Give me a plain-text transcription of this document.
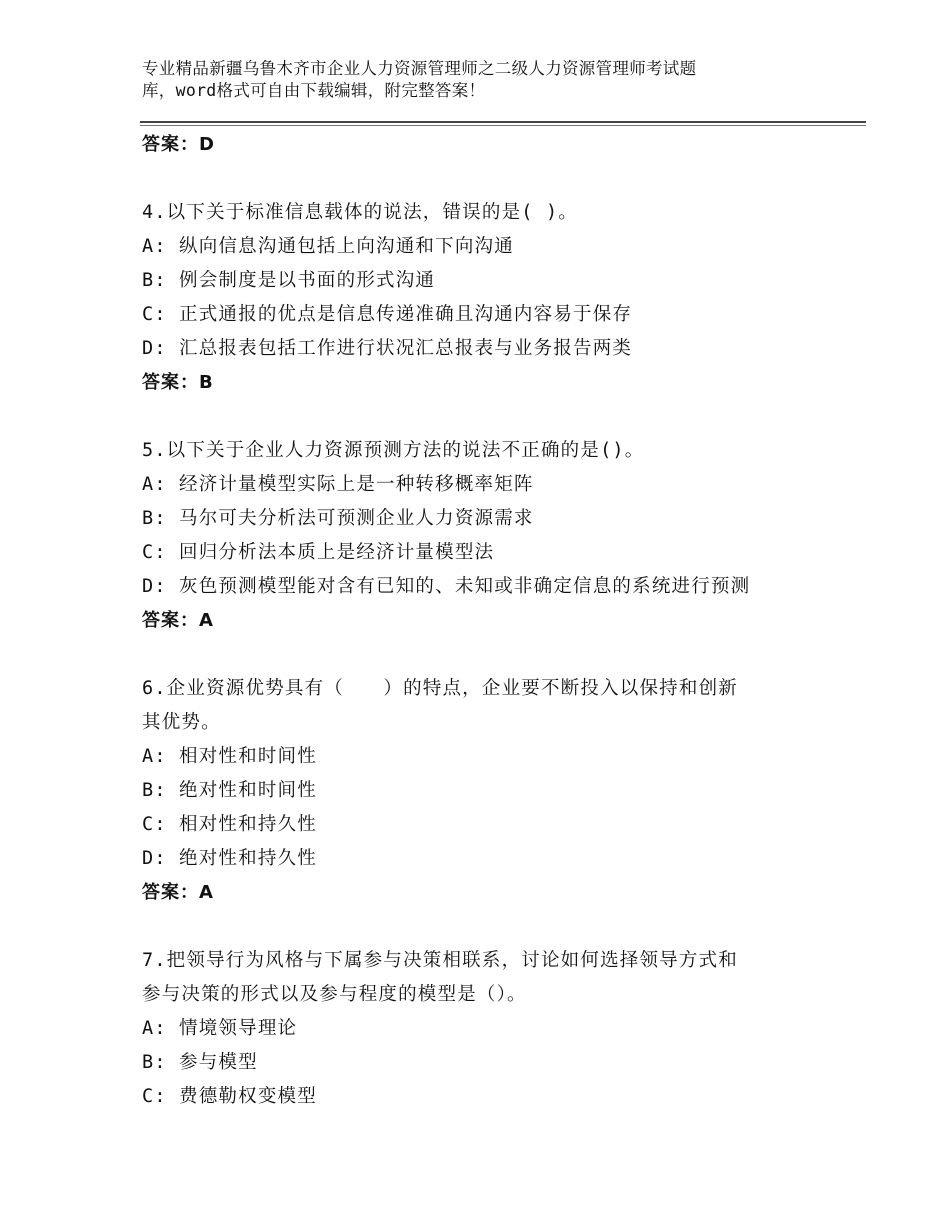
专业精品新疆乌鲁木齐市企业人力资源管理师之二级人力资源管理师考试题
库，word格式可自由下载编辑，附完整答案！
答案：D
4.以下关于标准信息载体的说法，错误的是( )。
A: 纵向信息沟通包括上向沟通和下向沟通
B: 例会制度是以书面的形式沟通
C: 正式通报的优点是信息传递准确且沟通内容易于保存
D: 汇总报表包括工作进行状况汇总报表与业务报告两类
答案：B
5.以下关于企业人力资源预测方法的说法不正确的是()。
A: 经济计量模型实际上是一种转移概率矩阵
B: 马尔可夫分析法可预测企业人力资源需求
C: 回归分析法本质上是经济计量模型法
D: 灰色预测模型能对含有已知的、未知或非确定信息的系统进行预测
答案：A
6.企业资源优势具有（　　）的特点，企业要不断投入以保持和创新
其优势。
A: 相对性和时间性
B: 绝对性和时间性
C: 相对性和持久性
D: 绝对性和持久性
答案：A
7.把领导行为风格与下属参与决策相联系，讨论如何选择领导方式和
参与决策的形式以及参与程度的模型是（）。
A: 情境领导理论
B: 参与模型
C: 费德勒权变模型
